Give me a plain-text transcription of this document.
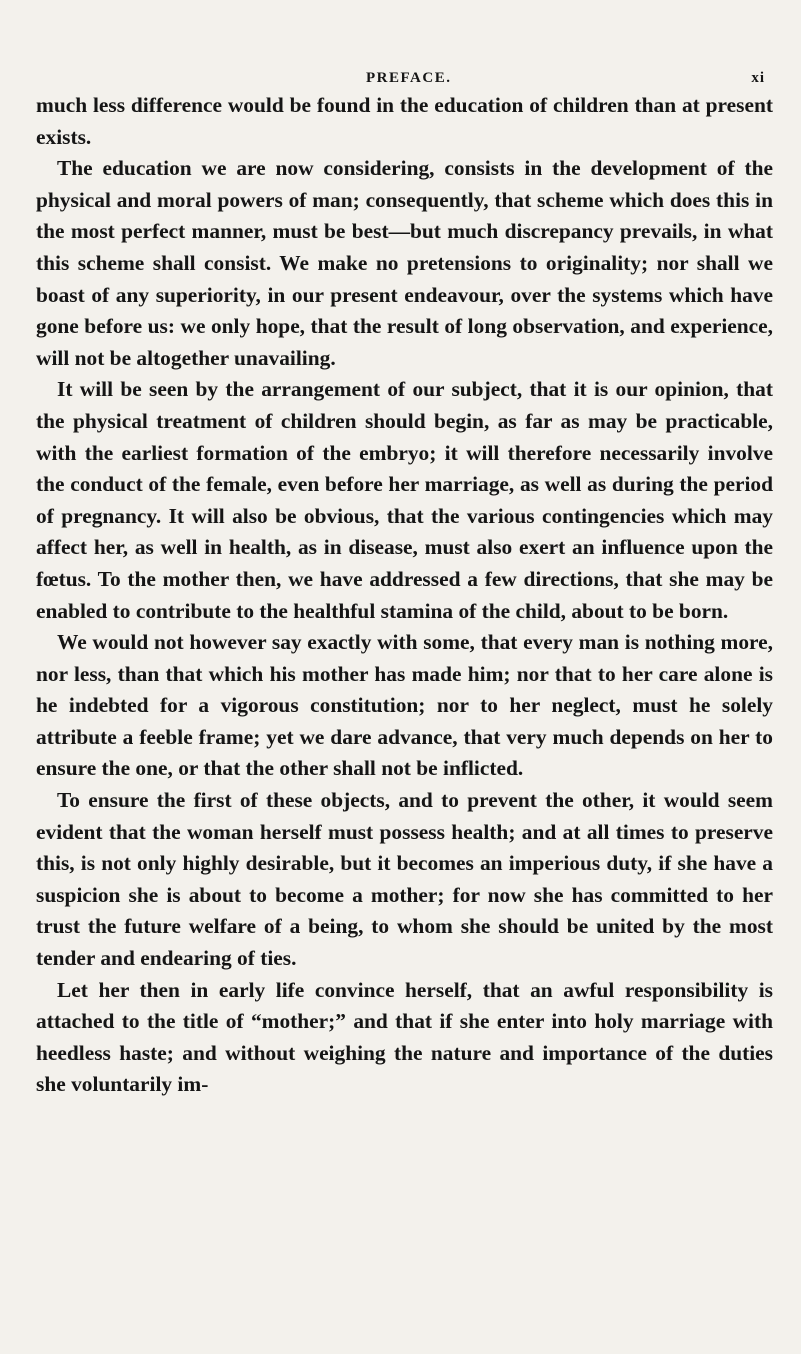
PREFACE.	xi

much less difference would be found in the education of children than at present exists.

The education we are now considering, consists in the development of the physical and moral powers of man; consequently, that scheme which does this in the most perfect manner, must be best—but much discrepancy prevails, in what this scheme shall consist. We make no pretensions to originality; nor shall we boast of any superiority, in our present endeavour, over the systems which have gone before us: we only hope, that the result of long observation, and experience, will not be altogether unavailing.

It will be seen by the arrangement of our subject, that it is our opinion, that the physical treatment of children should begin, as far as may be practicable, with the earliest formation of the embryo; it will therefore necessarily involve the conduct of the female, even before her marriage, as well as during the period of pregnancy. It will also be obvious, that the various contingencies which may affect her, as well in health, as in disease, must also exert an influence upon the fœtus. To the mother then, we have addressed a few directions, that she may be enabled to contribute to the healthful stamina of the child, about to be born.

We would not however say exactly with some, that every man is nothing more, nor less, than that which his mother has made him; nor that to her care alone is he indebted for a vigorous constitution; nor to her neglect, must he solely attribute a feeble frame; yet we dare advance, that very much depends on her to ensure the one, or that the other shall not be inflicted.

To ensure the first of these objects, and to prevent the other, it would seem evident that the woman herself must possess health; and at all times to preserve this, is not only highly desirable, but it becomes an imperious duty, if she have a suspicion she is about to become a mother; for now she has committed to her trust the future welfare of a being, to whom she should be united by the most tender and endearing of ties.

Let her then in early life convince herself, that an awful responsibility is attached to the title of “mother;” and that if she enter into holy marriage with heedless haste; and without weighing the nature and importance of the duties she voluntarily im-
